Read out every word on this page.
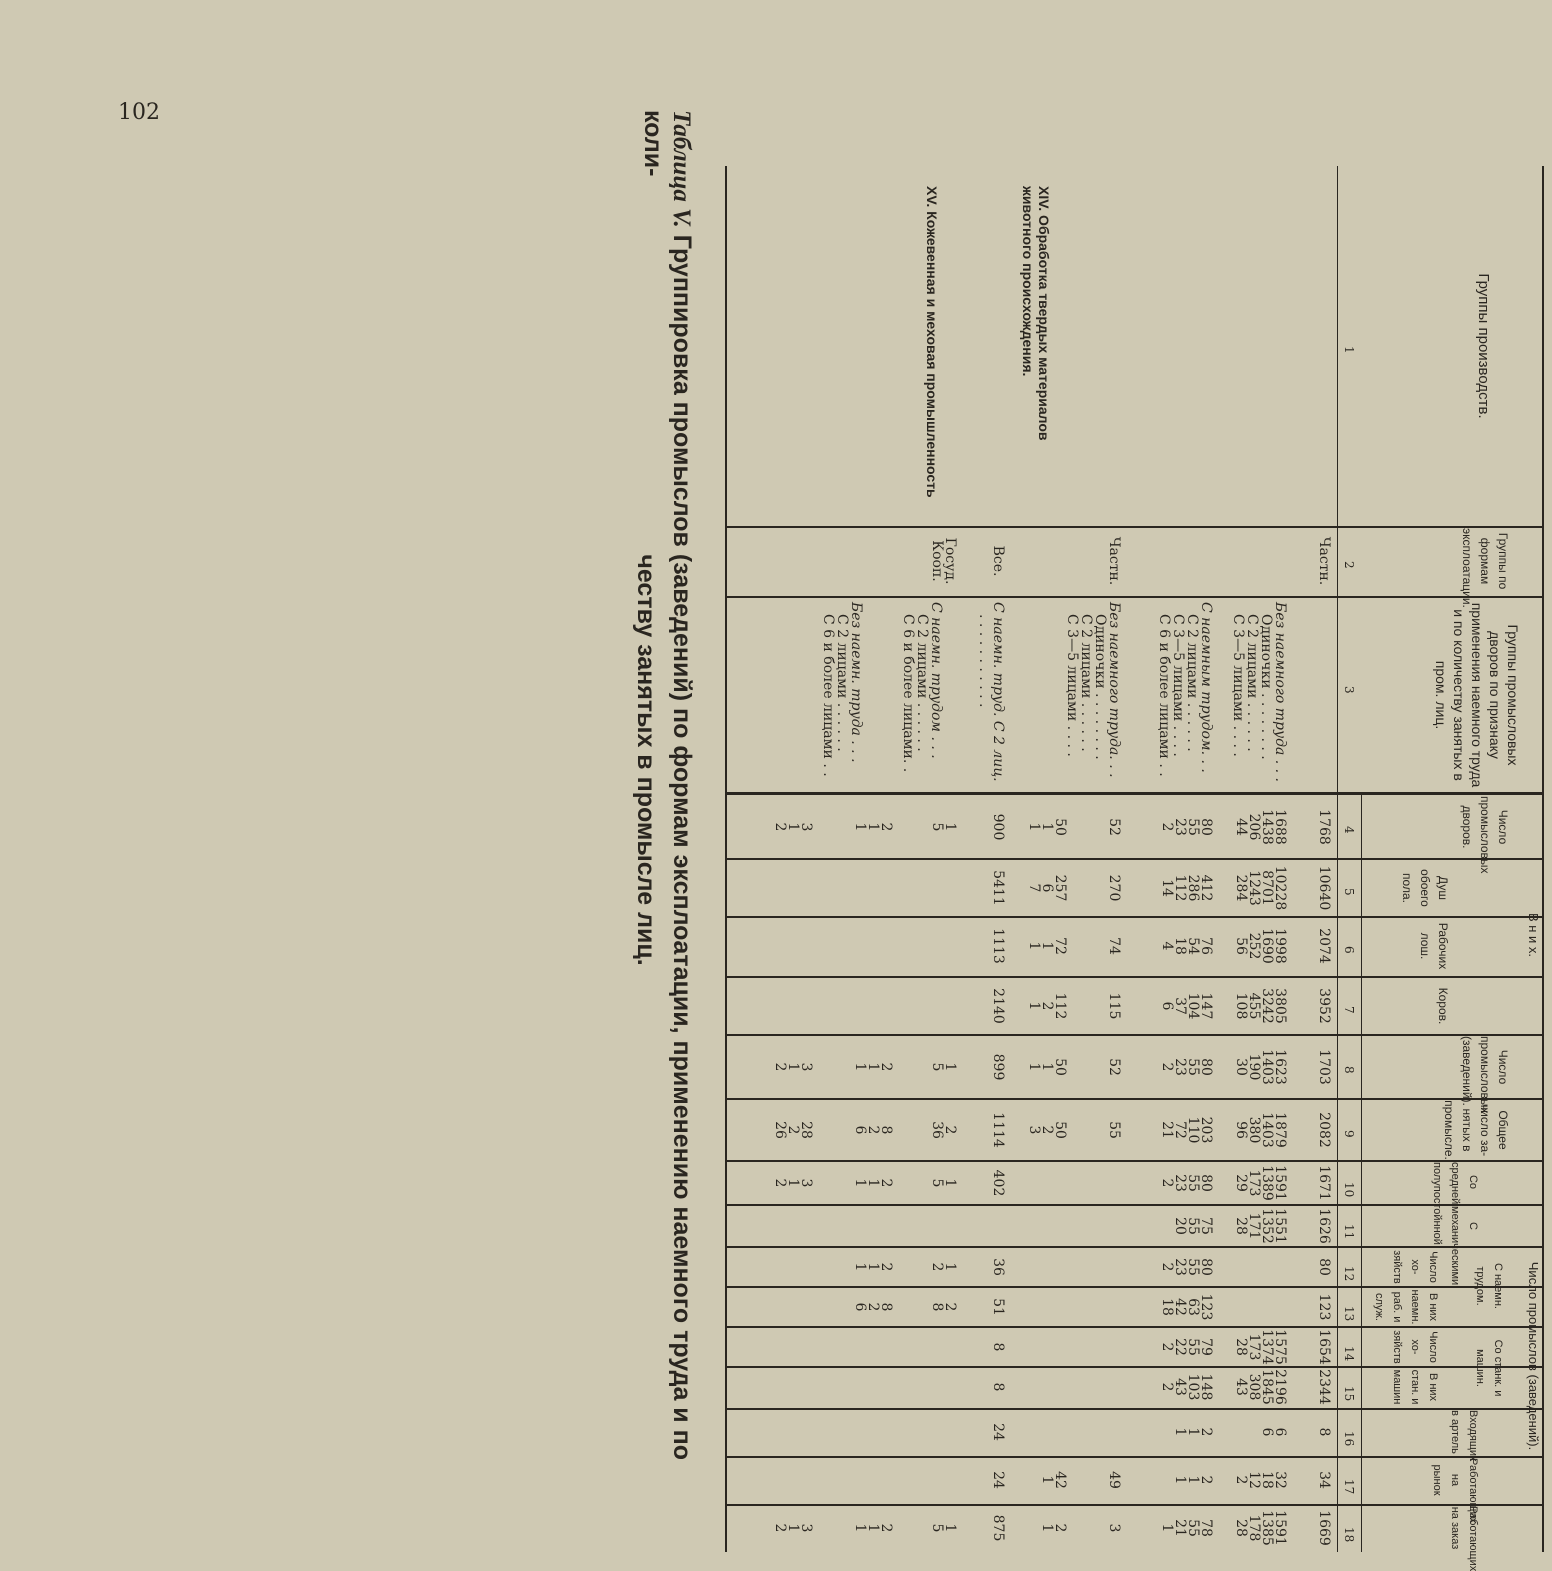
102	Таблица V. Группировка промыслов (заведений) по формам эксплоатации, применению наемного труда и по коли-
честву занятых в промысле лиц.
Группы производств.
Группы по формам эксплоатации.
Группы промысловых дворов по признаку применения наемного труда и по количеству занятых в пром. лиц.
Число промысловых дворов.
В н и х.
Душ обоего пола.
Рабочих лош.
Коров.
Число промысловых (заведений).
Общее число за-нятых в промысле.
Число промыслов (заведений).
Со средней полупостойнной	С механическими
С наемн. трудом.
Число хо-зяйств
В них наемн. раб. и служ.
Со станк. и машин.
Число хо-зяйств
В них стан. и машин
Входящих в артель
Работающих на рынок
Работающих на заказ
1
2
3
4
5
6
7
8
9
10
11
12
13
14
15
16
17
18
XIV. Обработка твердых материалов животного происхождения.
XV. Кожевенная и меховая промышленность
Без наемного труда . . .
Одиночки . . . . . . . .
С 2 лицами . . . . . .
С 3—5 лицами . . . .
С наемным трудом. . .
С 2 лицами . . . . . .
С 3—5 лицами . . . .
С 6 и более лицами . .
Без наемного труда. . .
Одиночки . . . . . . . .
С 2 лицами . . . . . .
С 3—5 лицами . . . .
С наемн. труд. С 2 лиц.
. . . . . . . . . . .
С наемн. трудом . . .
С 2 лицами . . . . . .
С 6 и более лицами. .
Без наемн. труда . . .
С 2 лицами . . . . . .
С 6 и более лицами . .
Частн.
1768
10640
2074
3952
1703
2082
1671
1626
80
123
1654
2344
8
34
1669
1688
1438
206
44
10228
8701
1243
284
1998
1690
252
56
3805
3242
455
108
1623
1403
190
30
1879
1403
380
96
1591
1389
173
29
1551
1352
171
28
1575
1374
173
28
2196
1845
308
43
6
6
32
18
12
2
1591
1385
178
28
80
55
23
2
412
286
112
14
76
54
18
4
147
104
37
6
80
55
23
2
203
110
72
21
80
55
23
2
75
55
20
80
55
23
2
123
63
42
18
79
55
22
2
148
103
43
2
2
1
1
2
1
1
78
55
21
1
Частн.
52
270
74
115
52
55
49
3
50
1
1
257
6
7
72
1
1
112
2
1
50
1
1
50
2
3
42
1
2
1
Все.
900
5411
1113
2140
899
1114
402
36
51
8
8
24
24
875
Госуд.
Кооп.
1
5
1
5
2
36
1
5
1
2
2
8
1
5
2
1
1
2
1
1
8
2
6
2
1
1
2
1
1
8
2
6
2
1
1
3
1
2
3
1
2
28
2
26
3
1
2
3
1
2
